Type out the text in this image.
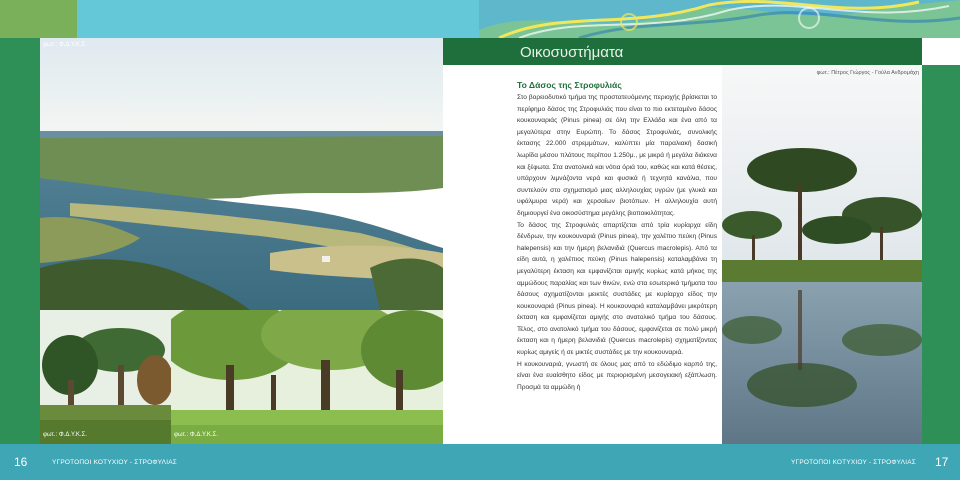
φωτ.: Φ.Δ.Υ.Κ.Σ.
φωτ.: Φ.Δ.Υ.Κ.Σ.	φωτ.: Φ.Δ.Υ.Κ.Σ.
Οικοσυστήματα
Το Δάσος της Στροφυλιάς

Στο βορειοδυτικό τμήμα της προστατευόμενης περιοχής βρίσκεται το περίφημο δάσος της Στροφυλιάς που είναι το πιο εκτεταμένο δάσος κουκουναριάς (Pinus pinea) σε όλη την Ελλάδα και ένα από τα μεγαλύτερα στην Ευρώπη. Το δάσος Στροφυλιάς, συνολικής έκτασης 22.000 στρεμμάτων, καλύπτει μία παραλιακή δασική λωρίδα μέσου πλάτους περίπου 1.250μ., με μικρά ή μεγάλα διάκενα και ξέφωτα. Στα ανατολικά και νότια όριά του, καθώς και κατά θέσεις, υπάρχουν λιμνάζοντα νερά και φυσικά ή τεχνητά κανάλια, που συντελούν στο σχηματισμό μιας αλληλουχίας υγρών (με γλυκά και υφάλμυρα νερά) και χερσαίων βιοτόπων. Η αλληλουχία αυτή δημιουργεί ένα οικοσύστημα μεγάλης βιοποικιλότητας.

Το δάσος της Στροφυλιάς απαρτίζεται από τρία κυρίαρχα είδη δένδρων, την κουκουναριά (Pinus pinea), την χαλέπιο πεύκη (Pinus halepensis) και την ήμερη βελανιδιά (Quercus macrolepis). Από τα είδη αυτά, η χαλέπιος πεύκη (Pinus halepensis) καταλαμβάνει τη μεγαλύτερη έκταση και εμφανίζεται αμιγής κυρίως κατά μήκος της αμμώδους παραλίας και των θινών, ενώ στα εσωτερικά τμήματα του δάσους σχηματίζονται μεικτές συστάδες με κυρίαρχο είδος την κουκουναριά (Pinus pinea). Η κουκουναριά καταλαμβάνει μικρότερη έκταση και εμφανίζεται αμιγής στο ανατολικό τμήμα του δάσους. Τέλος, στο ανατολικό τμήμα του δάσους, εμφανίζεται σε πολύ μικρή έκταση και η ήμερη βελανιδιά (Quercus macrolepis) σχηματίζοντας κυρίως αμιγείς ή σε μικτές συστάδες με την κουκουναριά.

Η κουκουναριά, γνωστή σε όλους μας από το εδώδιμο καρπό της, είναι ένα ευαίσθητο είδος με περιορισμένη μεσογειακή εξάπλωση. Προσμά τα αμμώδη ή

φωτ.: Πέτρος Γιώργος - Γούλα Ανδρομάχη
16	ΥΓΡΟΤΟΠΟΙ ΚΟΤΥΧΙΟΥ - ΣΤΡΟΦΥΛΙΑΣ	ΥΓΡΟΤΟΠΟΙ ΚΟΤΥΧΙΟΥ - ΣΤΡΟΦΥΛΙΑΣ 17
